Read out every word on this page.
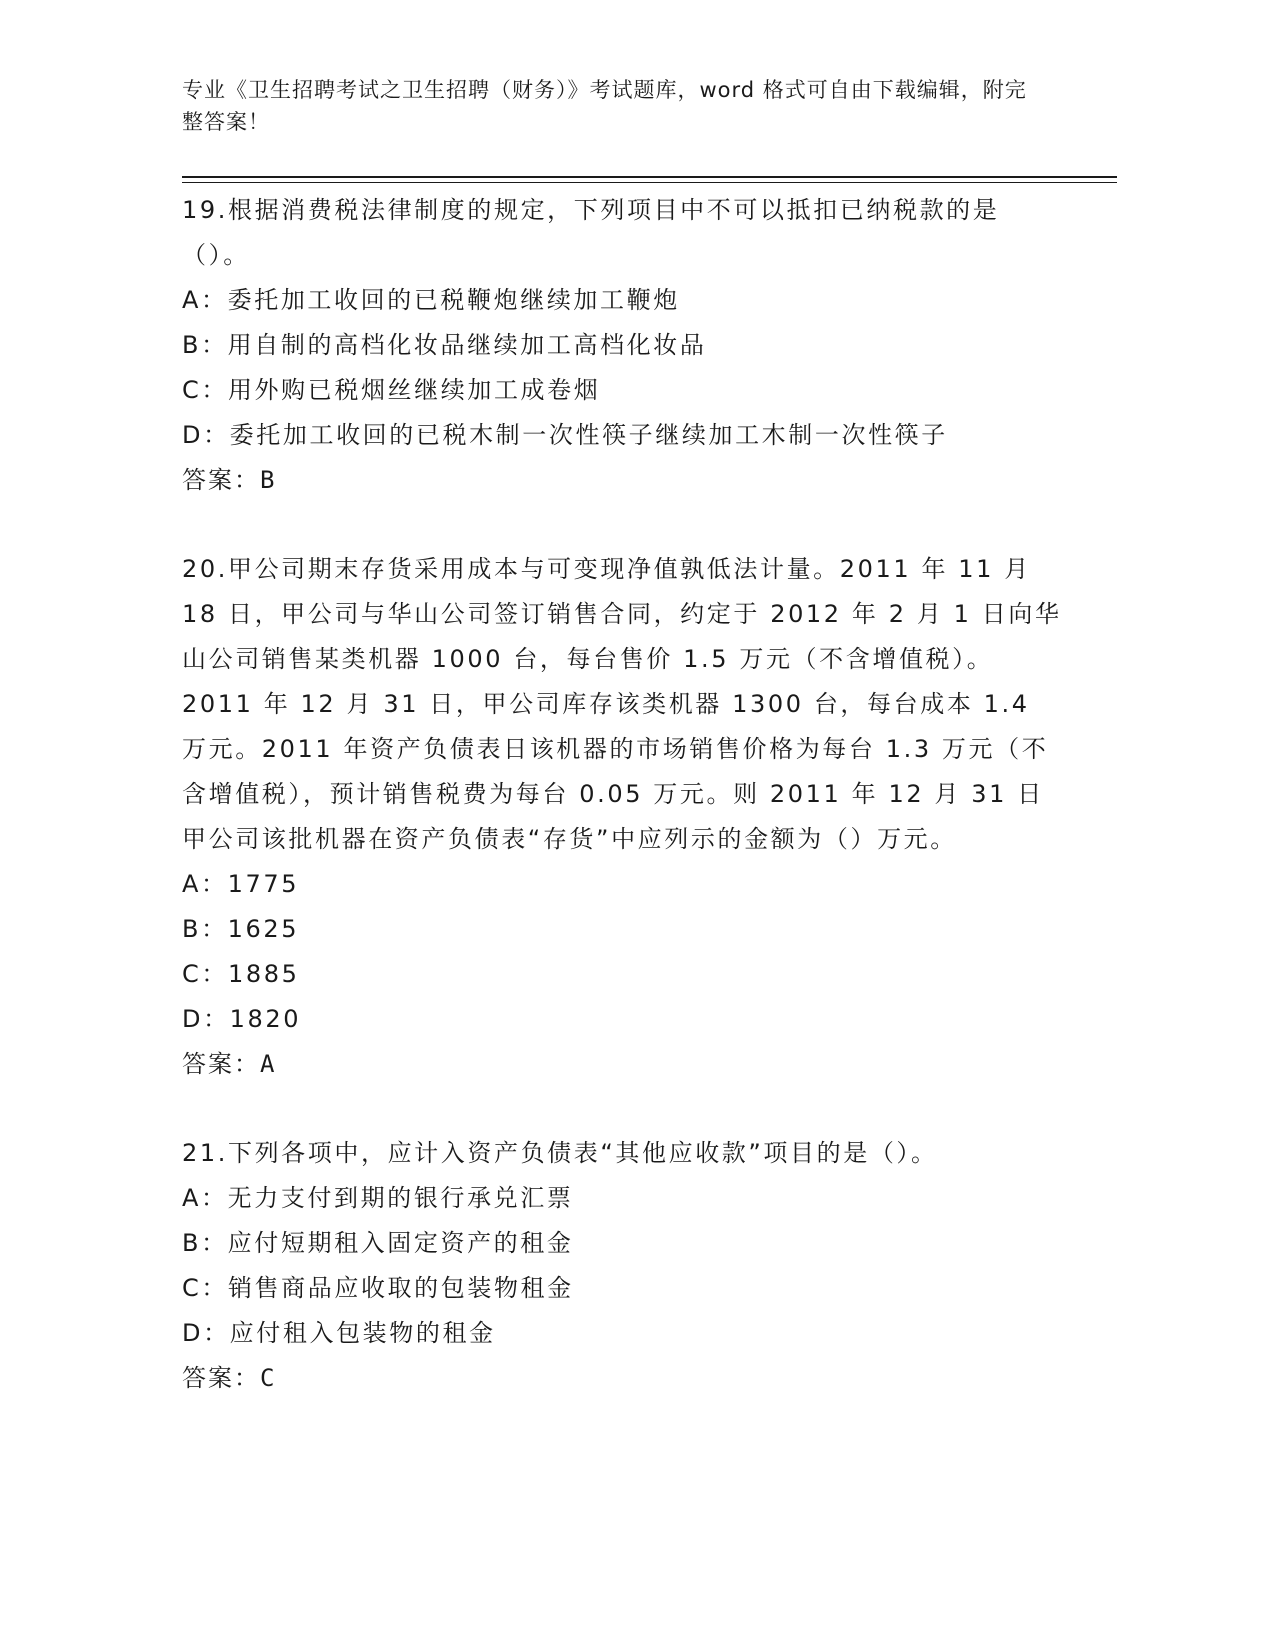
专业《卫生招聘考试之卫生招聘（财务）》考试题库，word 格式可自由下载编辑，附完整答案！
19.根据消费税法律制度的规定，下列项目中不可以抵扣已纳税款的是（）。
A：委托加工收回的已税鞭炮继续加工鞭炮
B：用自制的高档化妆品继续加工高档化妆品
C：用外购已税烟丝继续加工成卷烟
D：委托加工收回的已税木制一次性筷子继续加工木制一次性筷子
答案：B
20.甲公司期末存货采用成本与可变现净值孰低法计量。2011 年 11 月 18 日，甲公司与华山公司签订销售合同，约定于 2012 年 2 月 1 日向华山公司销售某类机器 1000 台，每台售价 1.5 万元（不含增值税）。2011 年 12 月 31 日，甲公司库存该类机器 1300 台，每台成本 1.4 万元。2011 年资产负债表日该机器的市场销售价格为每台 1.3 万元（不含增值税），预计销售税费为每台 0.05 万元。则 2011 年 12 月 31 日甲公司该批机器在资产负债表“存货”中应列示的金额为（）万元。
A：1775
B：1625
C：1885
D：1820
答案：A
21.下列各项中，应计入资产负债表“其他应收款”项目的是（）。
A：无力支付到期的银行承兑汇票
B：应付短期租入固定资产的租金
C：销售商品应收取的包装物租金
D：应付租入包装物的租金
答案：C
